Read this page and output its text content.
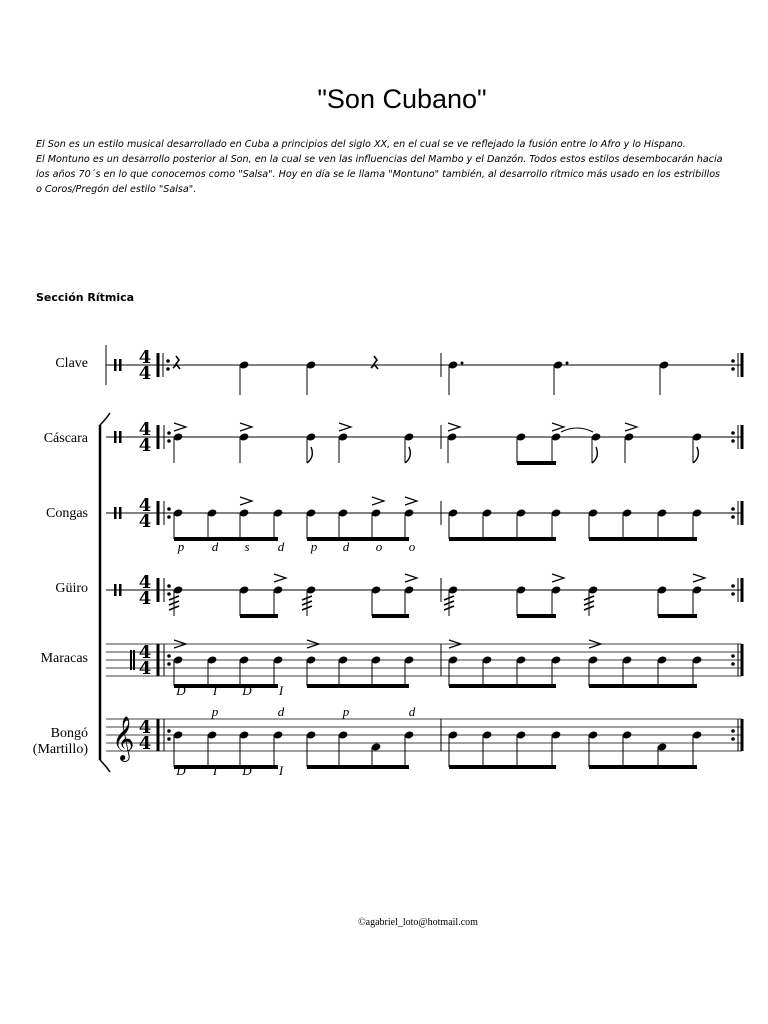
"Son Cubano"
El Son es un estilo musical desarrollado en Cuba a principios del siglo XX, en el cual se ve reflejado la fusión entre lo Afro y lo Hispano.
El Montuno es un desarrollo posterior al Son, en la cual se ven las influencias del Mambo y el Danzón. Todos estos estilos desembocarán hacia
los años 70´s en lo que conocemos como "Salsa". Hoy en día se le llama "Montuno" también, al desarrollo rítmico más usado en los estribillos
o Coros/Pregón del estilo "Salsa".
Sección Rítmica
Clave
Cáscara
Congas
Güiro
Maracas
Bongó
(Martillo)
4
4
4
4
4
4
4
4
4
4
𝄞 4
4
p d s d p d o o
D I D I
p	d	p	d
D I D I
©agabriel_loto@hotmail.com
